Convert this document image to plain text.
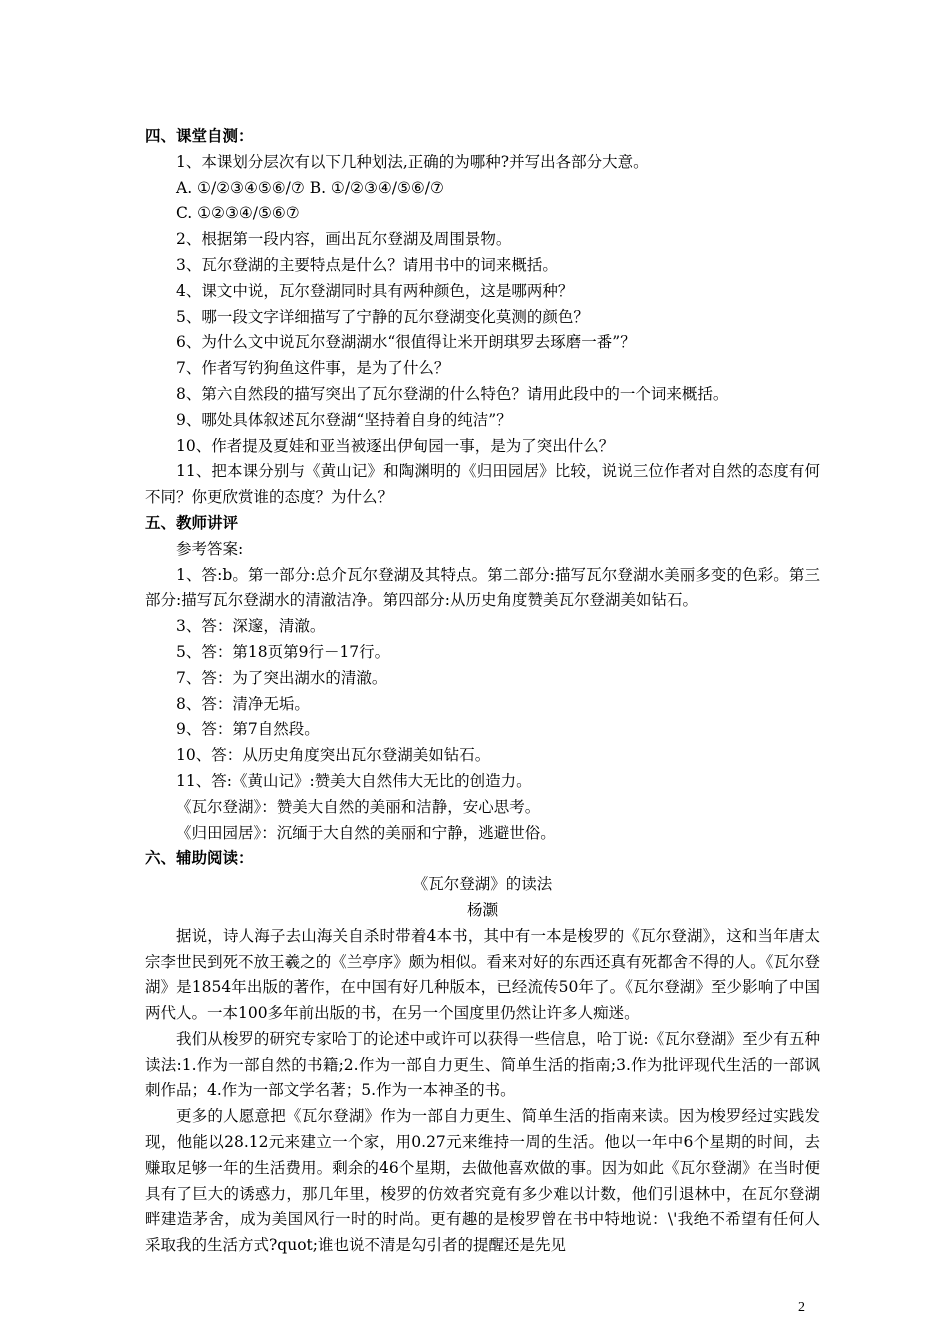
四、课堂自测：

1、本课划分层次有以下几种划法,正确的为哪种?并写出各部分大意。

A. ①/②③④⑤⑥/⑦ B. ①/②③④/⑤⑥/⑦

C. ①②③④/⑤⑥⑦

2、根据第一段内容，画出瓦尔登湖及周围景物。

3、瓦尔登湖的主要特点是什么？请用书中的词来概括。

4、课文中说，瓦尔登湖同时具有两种颜色，这是哪两种？

5、哪一段文字详细描写了宁静的瓦尔登湖变化莫测的颜色？

6、为什么文中说瓦尔登湖湖水“很值得让米开朗琪罗去琢磨一番”？

7、作者写钓狗鱼这件事，是为了什么？

8、第六自然段的描写突出了瓦尔登湖的什么特色？请用此段中的一个词来概括。

9、哪处具体叙述瓦尔登湖“坚持着自身的纯洁”？

10、作者提及夏娃和亚当被逐出伊甸园一事，是为了突出什么？

11、把本课分别与《黄山记》和陶渊明的《归田园居》比较，说说三位作者对自然的态度有何不同？你更欣赏谁的态度？为什么？

五、教师讲评

参考答案:

1、答:b。第一部分:总介瓦尔登湖及其特点。第二部分:描写瓦尔登湖水美丽多变的色彩。第三部分:描写瓦尔登湖水的清澈洁净。第四部分:从历史角度赞美瓦尔登湖美如钻石。

3、答：深邃，清澈。

5、答：第18页第9行－17行。

7、答：为了突出湖水的清澈。

8、答：清净无垢。

9、答：第7自然段。

10、答：从历史角度突出瓦尔登湖美如钻石。

11、答:《黄山记》:赞美大自然伟大无比的创造力。

《瓦尔登湖》：赞美大自然的美丽和洁静，安心思考。

《归田园居》：沉缅于大自然的美丽和宁静，逃避世俗。

六、辅助阅读：

《瓦尔登湖》的读法

杨灏

据说，诗人海子去山海关自杀时带着4本书，其中有一本是梭罗的《瓦尔登湖》，这和当年唐太宗李世民到死不放王羲之的《兰亭序》颇为相似。看来对好的东西还真有死都舍不得的人。《瓦尔登湖》是1854年出版的著作，在中国有好几种版本，已经流传50年了。《瓦尔登湖》至少影响了中国两代人。一本100多年前出版的书，在另一个国度里仍然让许多人痴迷。

我们从梭罗的研究专家哈丁的论述中或许可以获得一些信息，哈丁说:《瓦尔登湖》至少有五种读法:1.作为一部自然的书籍;2.作为一部自力更生、简单生活的指南;3.作为批评现代生活的一部讽刺作品；4.作为一部文学名著；5.作为一本神圣的书。

更多的人愿意把《瓦尔登湖》作为一部自力更生、简单生活的指南来读。因为梭罗经过实践发现，他能以28.12元来建立一个家，用0.27元来维持一周的生活。他以一年中6个星期的时间，去赚取足够一年的生活费用。剩余的46个星期，去做他喜欢做的事。因为如此《瓦尔登湖》在当时便具有了巨大的诱惑力，那几年里，梭罗的仿效者究竟有多少难以计数，他们引退林中，在瓦尔登湖畔建造茅舍，成为美国风行一时的时尚。更有趣的是梭罗曾在书中特地说：\'我绝不希望有任何人采取我的生活方式?quot;谁也说不清是勾引者的提醒还是先见

2
